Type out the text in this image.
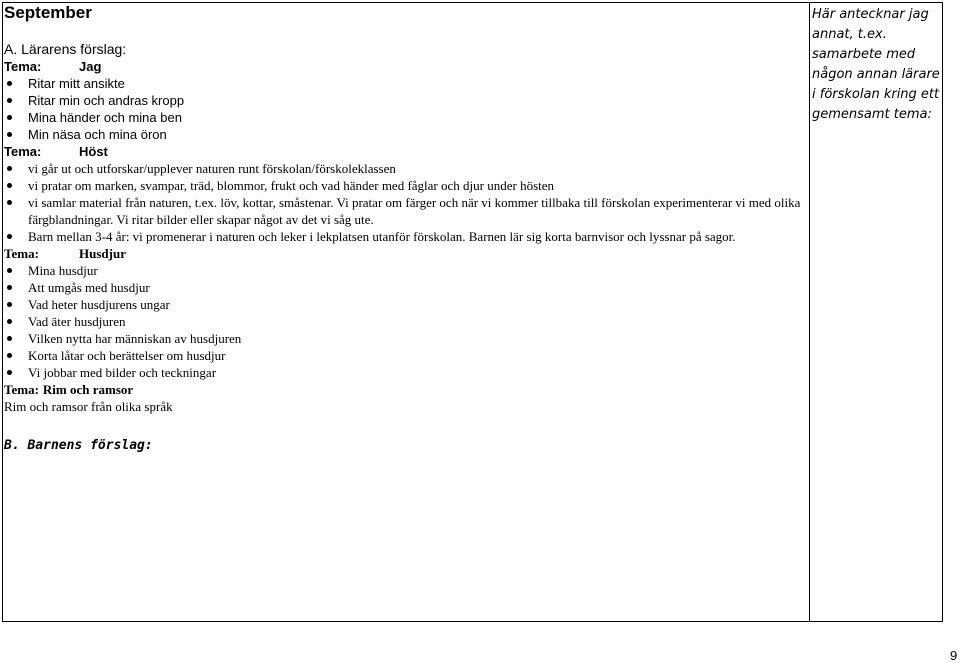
September
A. Lärarens förslag:
Tema:	Jag
Ritar mitt ansikte
Ritar min och andras kropp
Mina händer och mina ben
Min näsa och mina öron
Tema:	Höst
vi går ut och utforskar/upplever naturen runt förskolan/förskoleklassen
vi pratar om marken, svampar, träd, blommor, frukt och vad händer med fåglar och djur under hösten
vi samlar material från naturen, t.ex. löv, kottar, småstenar. Vi pratar om färger och när vi kommer tillbaka till förskolan experimenterar vi med olika färgblandningar. Vi ritar bilder eller skapar något av det vi såg ute.
Barn mellan 3-4 år: vi promenerar i naturen och leker i lekplatsen utanför förskolan. Barnen lär sig korta barnvisor och lyssnar på sagor.
Tema:	Husdjur
Mina husdjur
Att umgås med husdjur
Vad heter husdjurens ungar
Vad äter husdjuren
Vilken nytta har människan av husdjuren
Korta låtar och berättelser om husdjur
Vi jobbar med bilder och teckningar
Tema: Rim och ramsor
Rim och ramsor från olika språk
B. Barnens förslag:
Här antecknar jag annat, t.ex. samarbete med någon annan lärare i förskolan kring ett gemensamt tema:
9
